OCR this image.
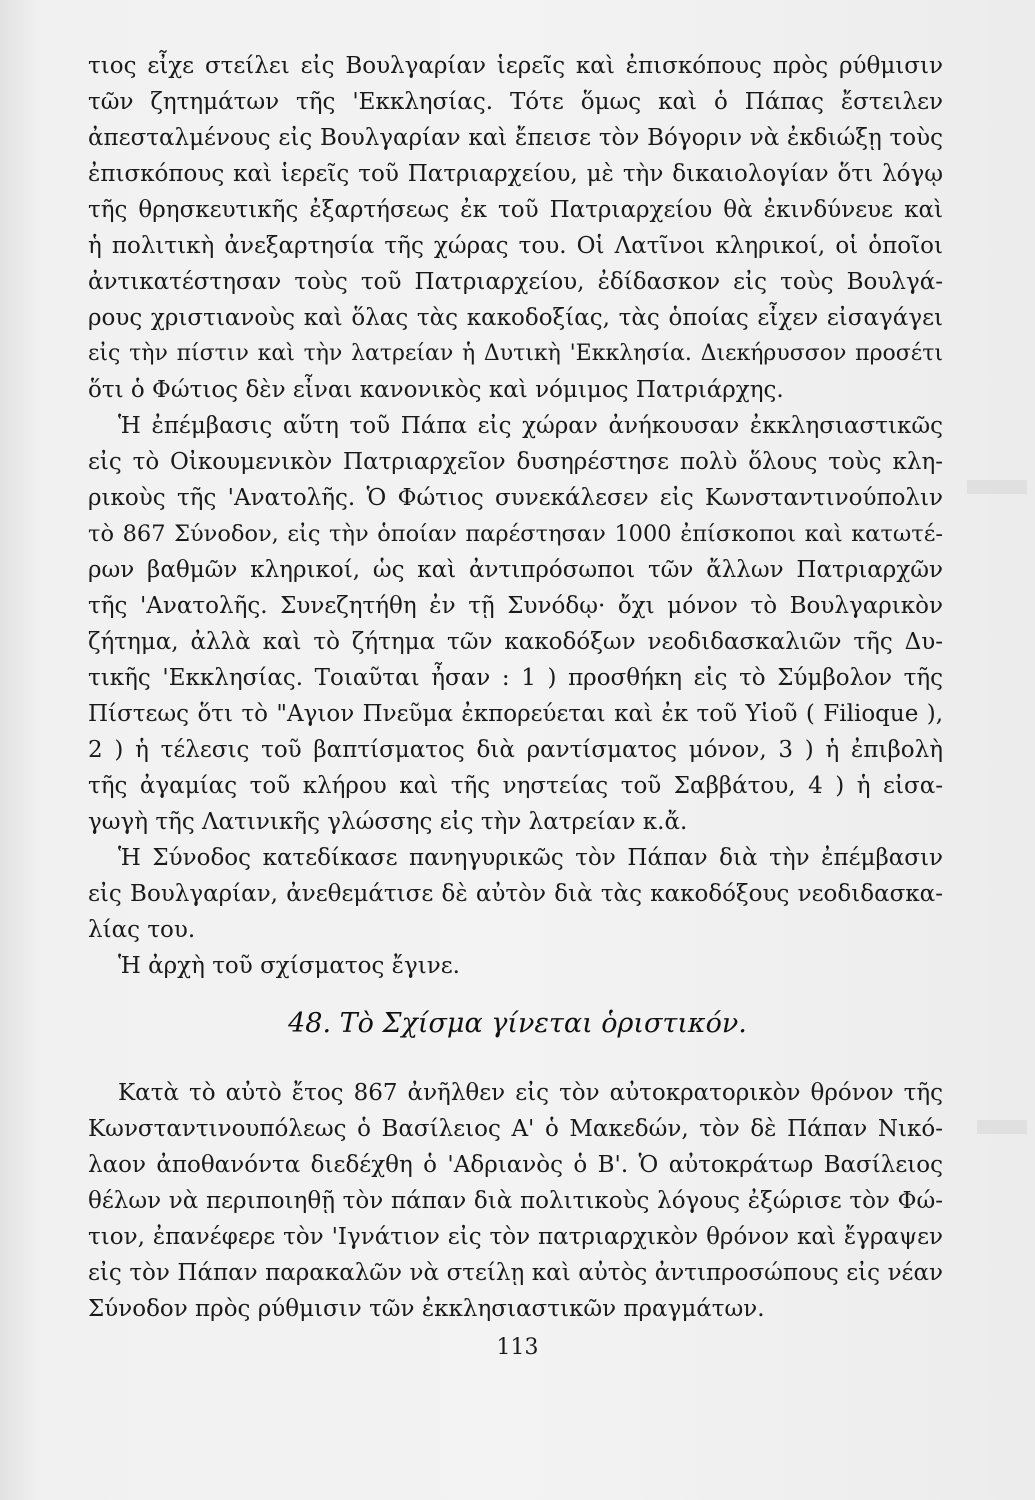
τιος εἶχε στείλει εἰς Βουλγαρίαν ἱερεῖς καὶ ἐπισκόπους πρὸς ρύθμισιν
τῶν ζητημάτων τῆς 'Εκκλησίας. Τότε ὅμως καὶ ὁ Πάπας ἔστειλεν
ἀπεσταλμένους εἰς Βουλγαρίαν καὶ ἔπεισε τὸν Βόγοριν νὰ ἐκδιώξῃ τοὺς
ἐπισκόπους καὶ ἱερεῖς τοῦ Πατριαρχείου, μὲ τὴν δικαιολογίαν ὅτι λόγῳ
τῆς θρησκευτικῆς ἐξαρτήσεως ἐκ τοῦ Πατριαρχείου θὰ ἐκινδύνευε καὶ
ἡ πολιτικὴ ἀνεξαρτησία τῆς χώρας του. Οἱ Λατῖνοι κληρικοί, οἱ ὁποῖοι
ἀντικατέστησαν τοὺς τοῦ Πατριαρχείου, ἐδίδασκον εἰς τοὺς Βουλγά-
ρους χριστιανοὺς καὶ ὅλας τὰς κακοδοξίας, τὰς ὁποίας εἶχεν εἰσαγάγει
εἰς τὴν πίστιν καὶ τὴν λατρείαν ἡ Δυτικὴ 'Εκκλησία. Διεκήρυσσον προσέτι
ὅτι ὁ Φώτιος δὲν εἶναι κανονικὸς καὶ νόμιμος Πατριάρχης.
Ἡ ἐπέμβασις αὕτη τοῦ Πάπα εἰς χώραν ἀνήκουσαν ἐκκλησιαστικῶς
εἰς τὸ Οἰκουμενικὸν Πατριαρχεῖον δυσηρέστησε πολὺ ὅλους τοὺς κλη-
ρικοὺς τῆς 'Ανατολῆς. Ὁ Φώτιος συνεκάλεσεν εἰς Κωνσταντινούπολιν
τὸ 867 Σύνοδον, εἰς τὴν ὁποίαν παρέστησαν 1000 ἐπίσκοποι καὶ κατωτέ-
ρων βαθμῶν κληρικοί, ὡς καὶ ἀντιπρόσωποι τῶν ἄλλων Πατριαρχῶν
τῆς 'Ανατολῆς. Συνεζητήθη ἐν τῇ Συνόδῳ· ὄχι μόνον τὸ Βουλγαρικὸν
ζήτημα, ἀλλὰ καὶ τὸ ζήτημα τῶν κακοδόξων νεοδιδασκαλιῶν τῆς Δυ-
τικῆς 'Εκκλησίας. Τοιαῦται ἦσαν : 1 ) προσθήκη εἰς τὸ Σύμβολον τῆς
Πίστεως ὅτι τὸ "Αγιον Πνεῦμα ἐκπορεύεται καὶ ἐκ τοῦ Υἱοῦ ( Filioque ),
2 ) ἡ τέλεσις τοῦ βαπτίσματος διὰ ραντίσματος μόνον, 3 ) ἡ ἐπιβολὴ
τῆς ἀγαμίας τοῦ κλήρου καὶ τῆς νηστείας τοῦ Σαββάτου, 4 ) ἡ εἰσα-
γωγὴ τῆς Λατινικῆς γλώσσης εἰς τὴν λατρείαν κ.ἄ.
Ἡ Σύνοδος κατεδίκασε πανηγυρικῶς τὸν Πάπαν διὰ τὴν ἐπέμβασιν
εἰς Βουλγαρίαν, ἀνεθεμάτισε δὲ αὐτὸν διὰ τὰς κακοδόξους νεοδιδασκα-
λίας του.
Ἡ ἀρχὴ τοῦ σχίσματος ἔγινε.
48. Τὸ Σχίσμα γίνεται ὁριστικόν.
Κατὰ τὸ αὐτὸ ἔτος 867 ἀνῆλθεν εἰς τὸν αὐτοκρατορικὸν θρόνον τῆς
Κωνσταντινουπόλεως ὁ Βασίλειος Α' ὁ Μακεδών, τὸν δὲ Πάπαν Νικό-
λαον ἀποθανόντα διεδέχθη ὁ 'Αδριανὸς ὁ Β'. Ὁ αὐτοκράτωρ Βασίλειος
θέλων νὰ περιποιηθῇ τὸν πάπαν διὰ πολιτικοὺς λόγους ἐξώρισε τὸν Φώ-
τιον, ἐπανέφερε τὸν 'Ιγνάτιον εἰς τὸν πατριαρχικὸν θρόνον καὶ ἔγραψεν
εἰς τὸν Πάπαν παρακαλῶν νὰ στείλῃ καὶ αὐτὸς ἀντιπροσώπους εἰς νέαν
Σύνοδον πρὸς ρύθμισιν τῶν ἐκκλησιαστικῶν πραγμάτων.
113
